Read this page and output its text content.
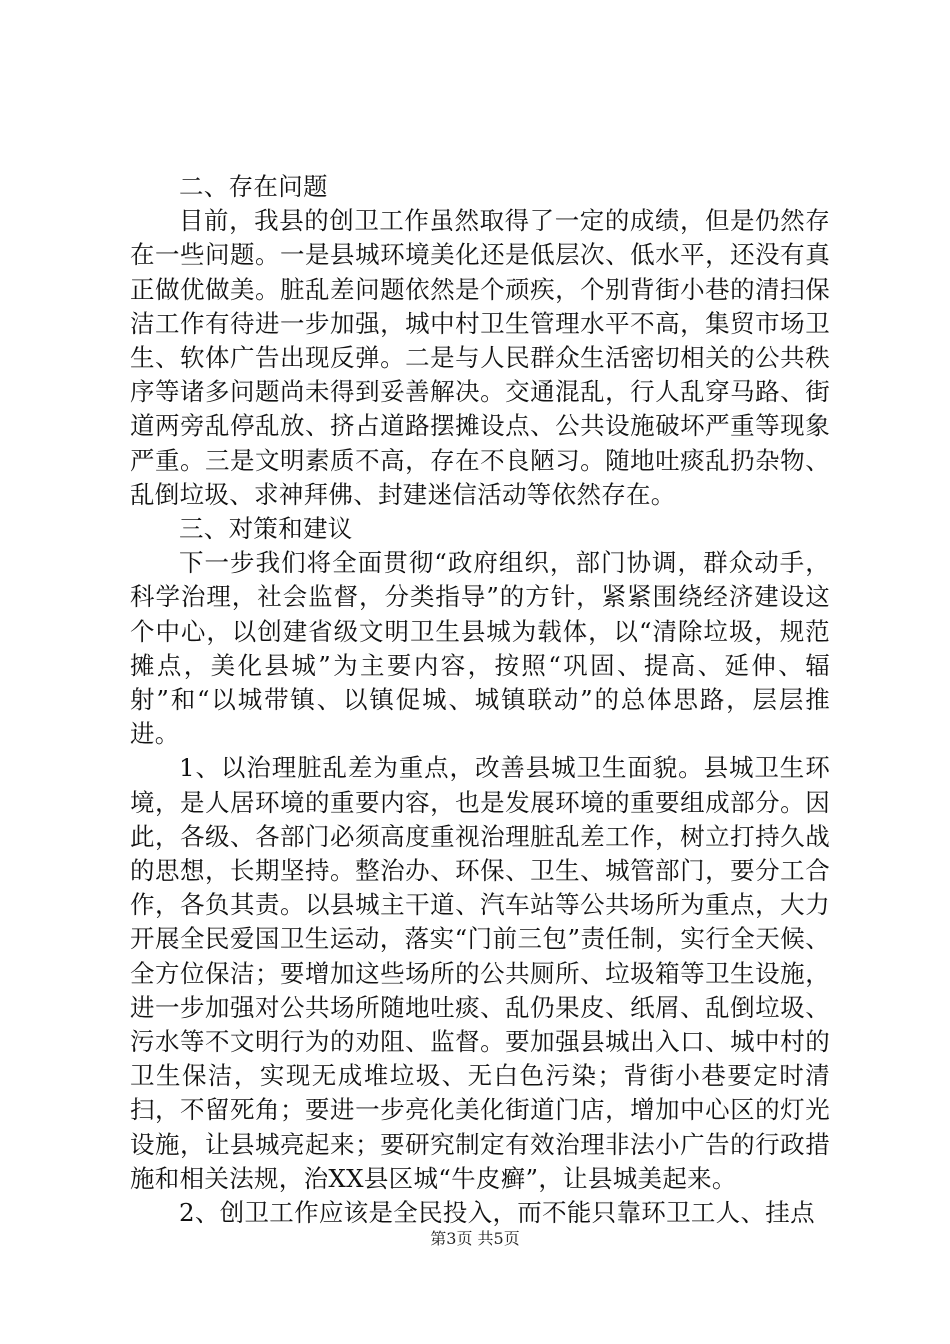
二、存在问题

目前，我县的创卫工作虽然取得了一定的成绩，但是仍然存在一些问题。一是县城环境美化还是低层次、低水平，还没有真正做优做美。脏乱差问题依然是个顽疾，个别背街小巷的清扫保洁工作有待进一步加强，城中村卫生管理水平不高，集贸市场卫生、软体广告出现反弹。二是与人民群众生活密切相关的公共秩序等诸多问题尚未得到妥善解决。交通混乱，行人乱穿马路、街道两旁乱停乱放、挤占道路摆摊设点、公共设施破坏严重等现象严重。三是文明素质不高，存在不良陋习。随地吐痰乱扔杂物、乱倒垃圾、求神拜佛、封建迷信活动等依然存在。

三、对策和建议

下一步我们将全面贯彻“政府组织，部门协调，群众动手，科学治理，社会监督，分类指导”的方针，紧紧围绕经济建设这个中心，以创建省级文明卫生县城为载体，以“清除垃圾，规范摊点，美化县城”为主要内容，按照“巩固、提高、延伸、辐射”和“以城带镇、以镇促城、城镇联动”的总体思路，层层推进。

1、以治理脏乱差为重点，改善县城卫生面貌。县城卫生环境，是人居环境的重要内容，也是发展环境的重要组成部分。因此，各级、各部门必须高度重视治理脏乱差工作，树立打持久战的思想，长期坚持。整治办、环保、卫生、城管部门，要分工合作，各负其责。以县城主干道、汽车站等公共场所为重点，大力开展全民爱国卫生运动，落实“门前三包”责任制，实行全天候、全方位保洁；要增加这些场所的公共厕所、垃圾箱等卫生设施，进一步加强对公共场所随地吐痰、乱仍果皮、纸屑、乱倒垃圾、污水等不文明行为的劝阻、监督。要加强县城出入口、城中村的卫生保洁，实现无成堆垃圾、无白色污染；背街小巷要定时清扫，不留死角；要进一步亮化美化街道门店，增加中心区的灯光设施，让县城亮起来；要研究制定有效治理非法小广告的行政措施和相关法规，治XX县区城“牛皮癣”，让县城美起来。

2、创卫工作应该是全民投入，而不能只靠环卫工人、挂点

第3页 共5页
